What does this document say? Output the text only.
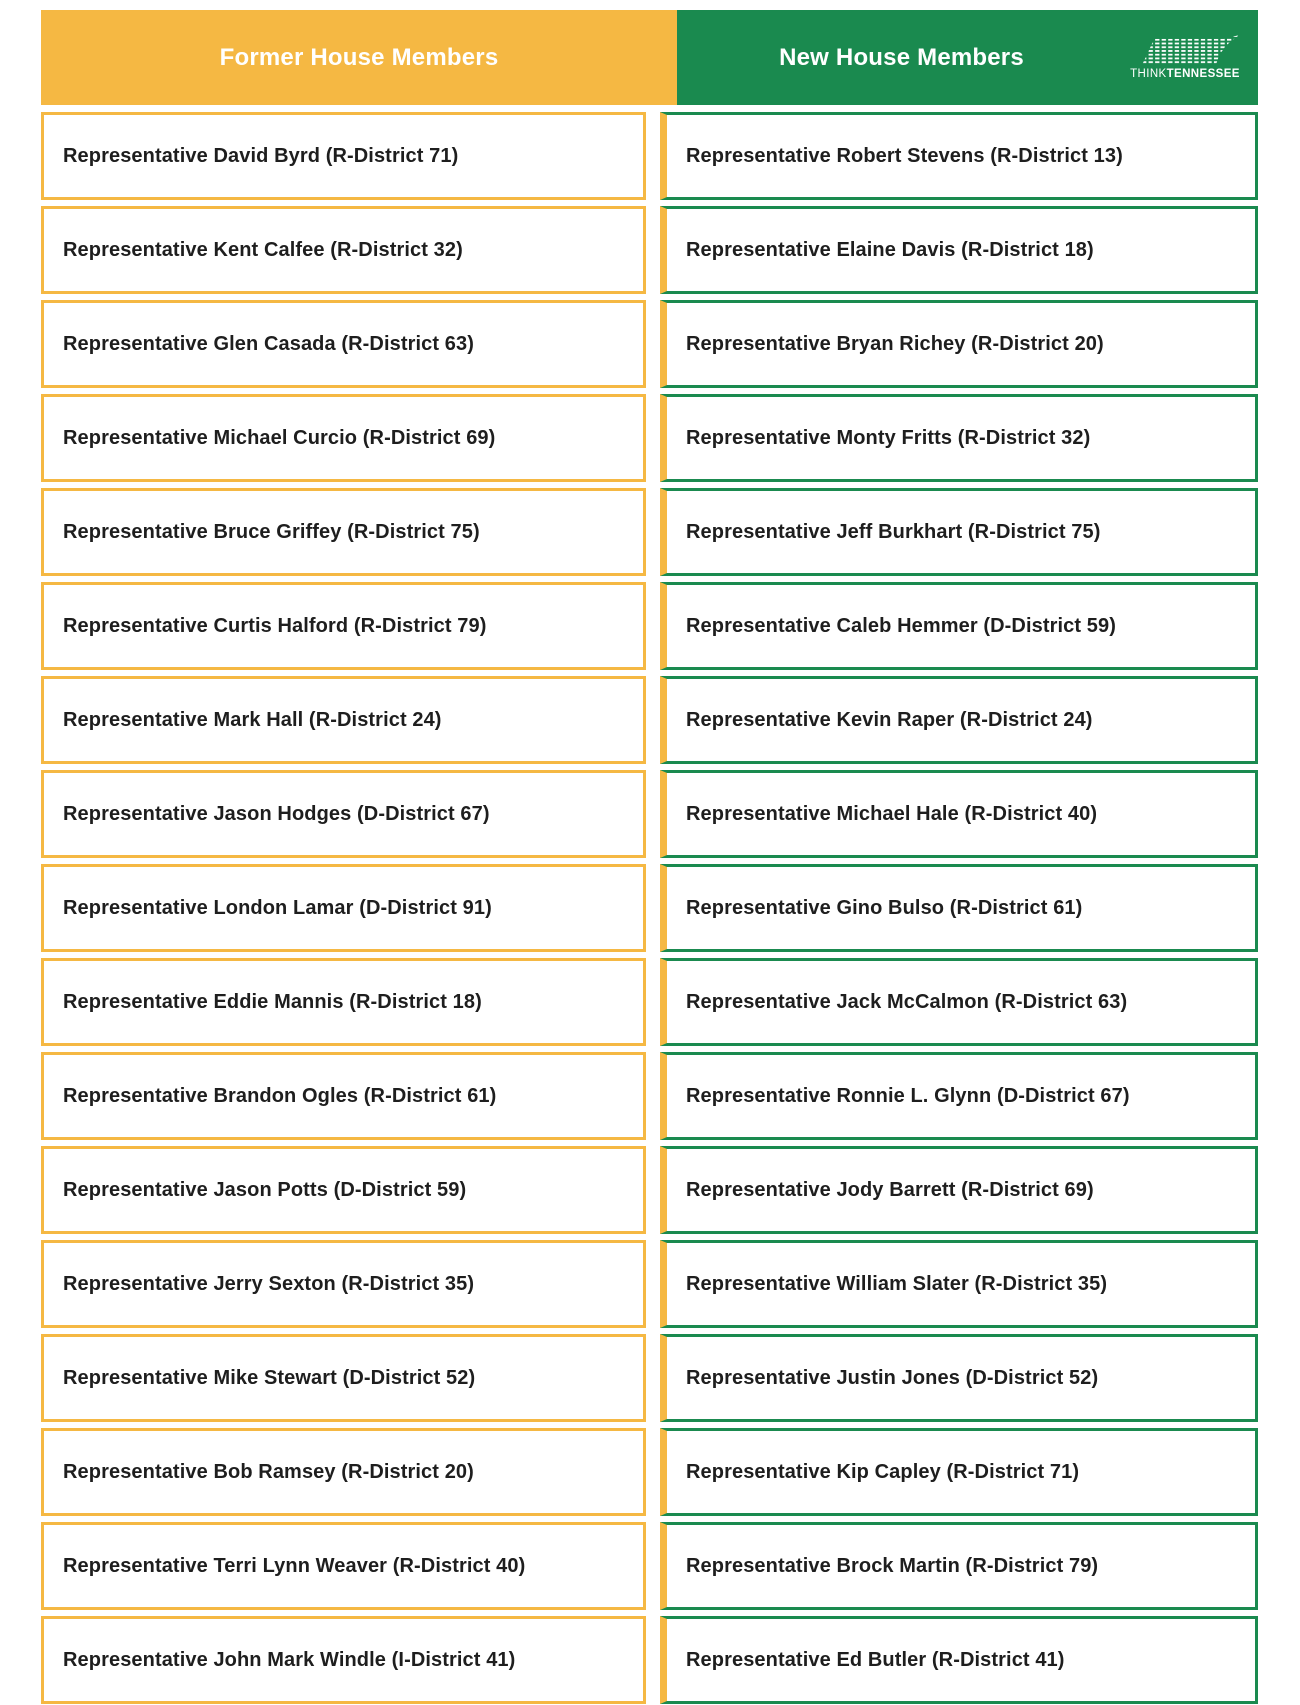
Former House Members	New House Members
THINKTENNESSEE
Representative David Byrd (R-District 71)
Representative Kent Calfee (R-District 32)
Representative Glen Casada (R-District 63)
Representative Michael Curcio (R-District 69)
Representative Bruce Griffey (R-District 75)
Representative Curtis Halford (R-District 79)
Representative Mark Hall (R-District 24)
Representative Jason Hodges (D-District 67)
Representative London Lamar (D-District 91)
Representative Eddie Mannis (R-District 18)
Representative Brandon Ogles (R-District 61)
Representative Jason Potts (D-District 59)
Representative Jerry Sexton (R-District 35)
Representative Mike Stewart (D-District 52)
Representative Bob Ramsey (R-District 20)
Representative Terri Lynn Weaver (R-District 40)
Representative John Mark Windle (I-District 41)
Representative Robert Stevens (R-District 13)
Representative Elaine Davis (R-District 18)
Representative Bryan Richey (R-District 20)
Representative Monty Fritts (R-District 32)
Representative Jeff Burkhart (R-District 75)
Representative Caleb Hemmer (D-District 59)
Representative Kevin Raper (R-District 24)
Representative Michael Hale (R-District 40)
Representative Gino Bulso (R-District 61)
Representative Jack McCalmon (R-District 63)
Representative Ronnie L. Glynn (D-District 67)
Representative Jody Barrett (R-District 69)
Representative William Slater (R-District 35)
Representative Justin Jones (D-District 52)
Representative Kip Capley (R-District 71)
Representative Brock Martin (R-District 79)
Representative Ed Butler (R-District 41)
